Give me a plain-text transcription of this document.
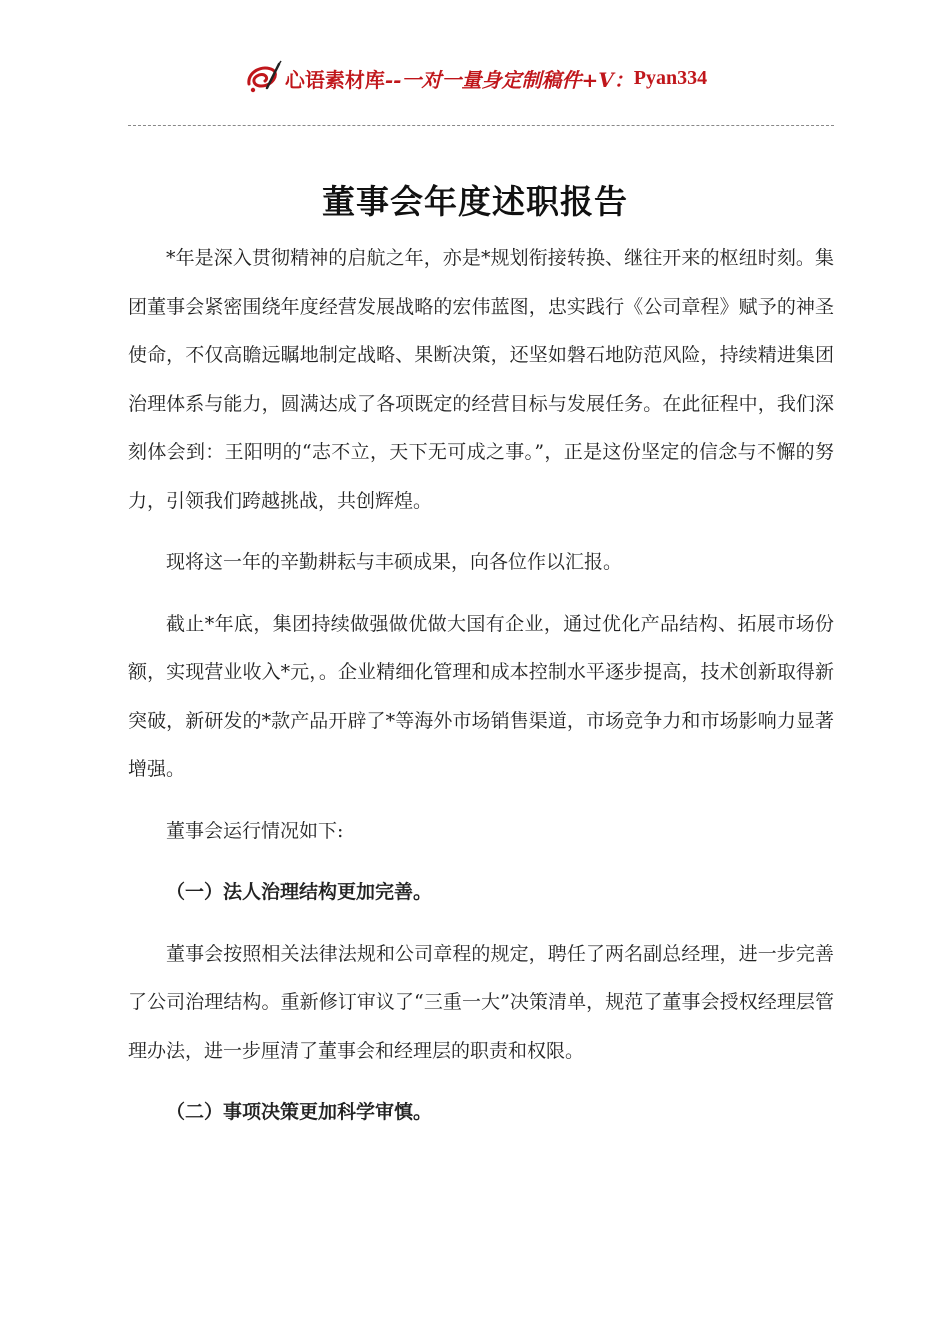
心语素材库--一对一量身定制稿件+V：Pyan334
董事会年度述职报告

*年是深入贯彻精神的启航之年，亦是*规划衔接转换、继往开来的枢纽时刻。集团董事会紧密围绕年度经营发展战略的宏伟蓝图，忠实践行《公司章程》赋予的神圣使命，不仅高瞻远瞩地制定战略、果断决策，还坚如磐石地防范风险，持续精进集团治理体系与能力，圆满达成了各项既定的经营目标与发展任务。在此征程中，我们深刻体会到：王阳明的“志不立，天下无可成之事。”，正是这份坚定的信念与不懈的努力，引领我们跨越挑战，共创辉煌。

现将这一年的辛勤耕耘与丰硕成果，向各位作以汇报。

截止*年底，集团持续做强做优做大国有企业，通过优化产品结构、拓展市场份额，实现营业收入*元，。企业精细化管理和成本控制水平逐步提高，技术创新取得新突破，新研发的*款产品开辟了*等海外市场销售渠道，市场竞争力和市场影响力显著增强。

董事会运行情况如下:

（一）法人治理结构更加完善。

董事会按照相关法律法规和公司章程的规定，聘任了两名副总经理，进一步完善了公司治理结构。重新修订审议了“三重一大”决策清单，规范了董事会授权经理层管理办法，进一步厘清了董事会和经理层的职责和权限。

（二）事项决策更加科学审慎。
